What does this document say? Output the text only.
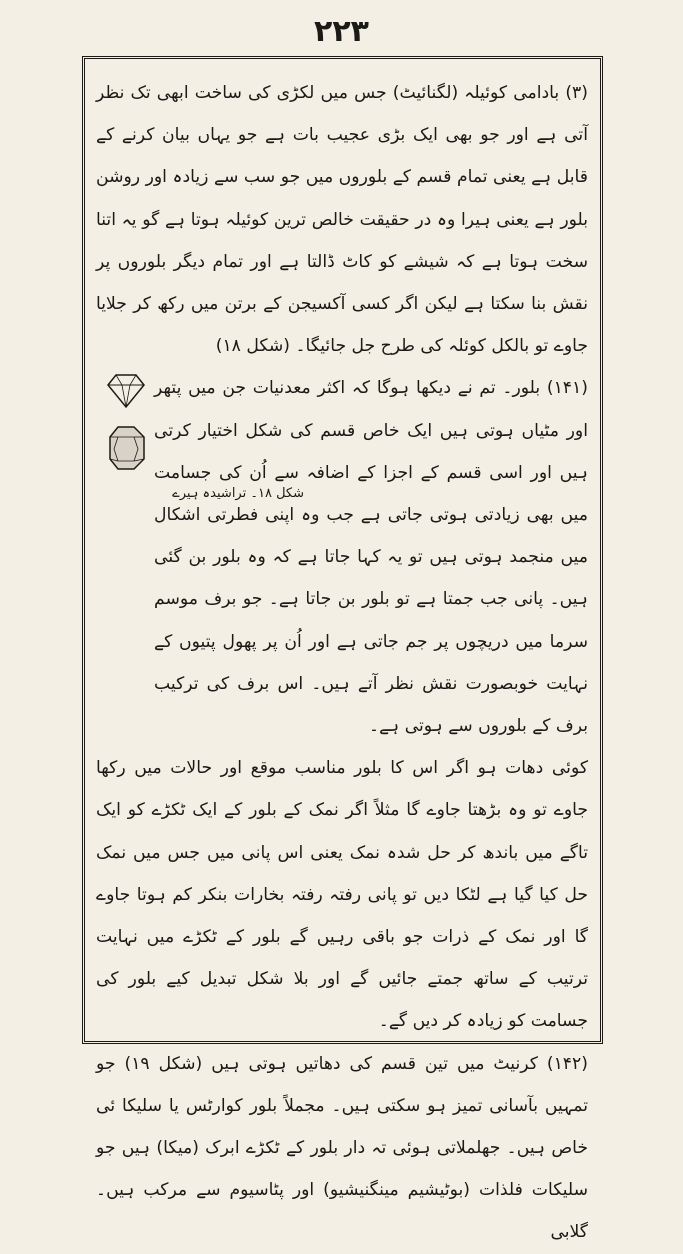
۲۲۳

(۳) بادامی کوئیلہ (لگنائیٹ) جس میں لکڑی کی ساخت ابھی تک نظر آتی ہے اور جو بھی ایک بڑی عجیب بات ہے جو یہاں بیان کرنے کے قابل ہے یعنی تمام قسم کے بلوروں میں جو سب سے زیادہ اور روشن بلور ہے یعنی ہیرا وہ در حقیقت خالص ترین کوئیلہ ہوتا ہے گو یہ اتنا سخت ہوتا ہے کہ شیشے کو کاٹ ڈالتا ہے اور تمام دیگر بلوروں پر نقش بنا سکتا ہے لیکن اگر کسی آکسیجن کے برتن میں رکھ کر جلایا جاوے تو بالکل کوئلہ کی طرح جل جائیگا۔ (شکل ۱۸)

(۱۴۱) بلور۔ تم نے دیکھا ہوگا کہ اکثر معدنیات جن میں پتھر اور مٹیاں ہوتی ہیں ایک خاص قسم کی شکل اختیار کرتی ہیں اور اسی قسم کے اجزا کے اضافہ سے اُن کی جسامت میں بھی زیادتی ہوتی جاتی ہے جب وہ اپنی فطرتی اشکال میں منجمد ہوتی ہیں تو یہ کہا جاتا ہے کہ وہ بلور بن گئی ہیں۔ پانی جب جمتا ہے تو بلور بن جاتا ہے۔ جو برف موسم سرما میں دریچوں پر جم جاتی ہے اور اُن پر پھول پتیوں کے نہایت خوبصورت نقش نظر آتے ہیں۔ اس برف کی ترکیب برف کے بلوروں سے ہوتی ہے۔

کوئی دھات ہو اگر اس کا بلور مناسب موقع اور حالات میں رکھا جاوے تو وہ بڑھتا جاوے گا مثلاً اگر نمک کے بلور کے ایک ٹکڑے کو ایک تاگے میں باندھ کر حل شدہ نمک یعنی اس پانی میں جس میں نمک حل کیا گیا ہے لٹکا دیں تو پانی رفتہ رفتہ بخارات بنکر کم ہوتا جاوے گا اور نمک کے ذرات جو باقی رہیں گے بلور کے ٹکڑے میں نہایت ترتیب کے ساتھ جمتے جائیں گے اور بلا شکل تبدیل کیے بلور کی جسامت کو زیادہ کر دیں گے۔

(۱۴۲) کرنیٹ میں تین قسم کی دھاتیں ہوتی ہیں (شکل ۱۹) جو تمہیں بآسانی تمیز ہو سکتی ہیں۔ مجملاً بلور کوارٹس یا سلیکا ئی خاص ہیں۔ جھلملاتی ہوئی تہ دار بلور کے ٹکڑے ابرک (میکا) ہیں جو سلیکات فلذات (بوٹیشیم مینگنیشیو) اور پٹاسیوم سے مرکب ہیں۔ گلابی

شکل ۱۸۔ تراشیدہ ہیرے
